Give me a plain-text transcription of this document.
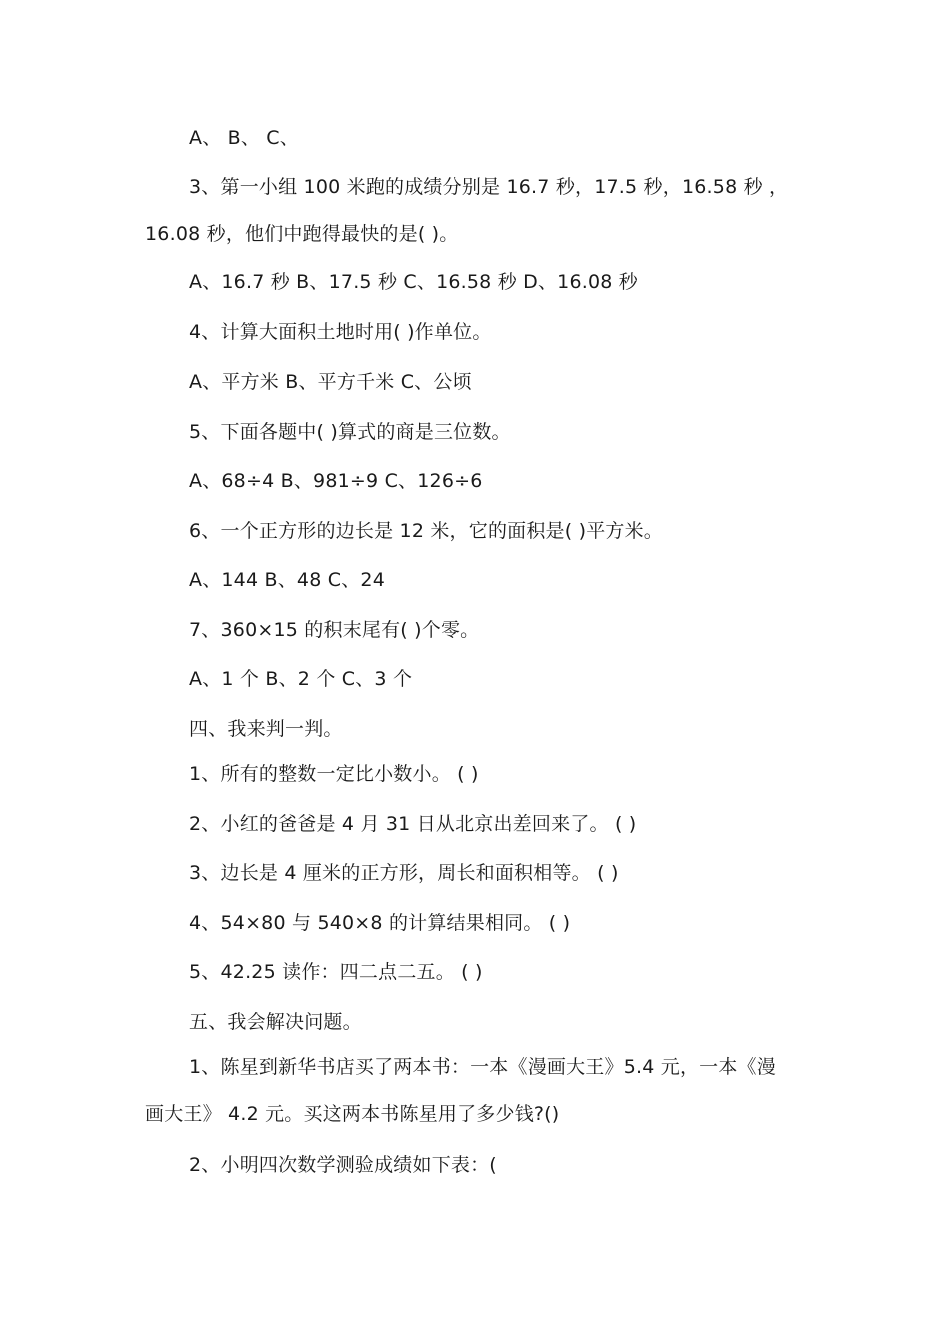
A、 B、 C、
3、第一小组 100 米跑的成绩分别是 16.7 秒，17.5 秒，16.58 秒 ，
16.08 秒，他们中跑得最快的是( )。
A、16.7 秒 B、17.5 秒 C、16.58 秒 D、16.08 秒
4、计算大面积土地时用( )作单位。
A、平方米 B、平方千米 C、公顷
5、下面各题中( )算式的商是三位数。
A、68÷4 B、981÷9 C、126÷6
6、一个正方形的边长是 12 米，它的面积是( )平方米。
A、144 B、48 C、24
7、360×15 的积末尾有( )个零。
A、1 个 B、2 个 C、3 个
四、我来判一判。
1、所有的整数一定比小数小。 ( )
2、小红的爸爸是 4 月 31 日从北京出差回来了。 ( )
3、边长是 4 厘米的正方形，周长和面积相等。 ( )
4、54×80 与 540×8 的计算结果相同。 ( )
5、42.25 读作：四二点二五。 ( )
五、我会解决问题。
1、陈星到新华书店买了两本书：一本《漫画大王》5.4 元，一本《漫
画大王》 4.2 元。买这两本书陈星用了多少钱?()
2、小明四次数学测验成绩如下表：(
